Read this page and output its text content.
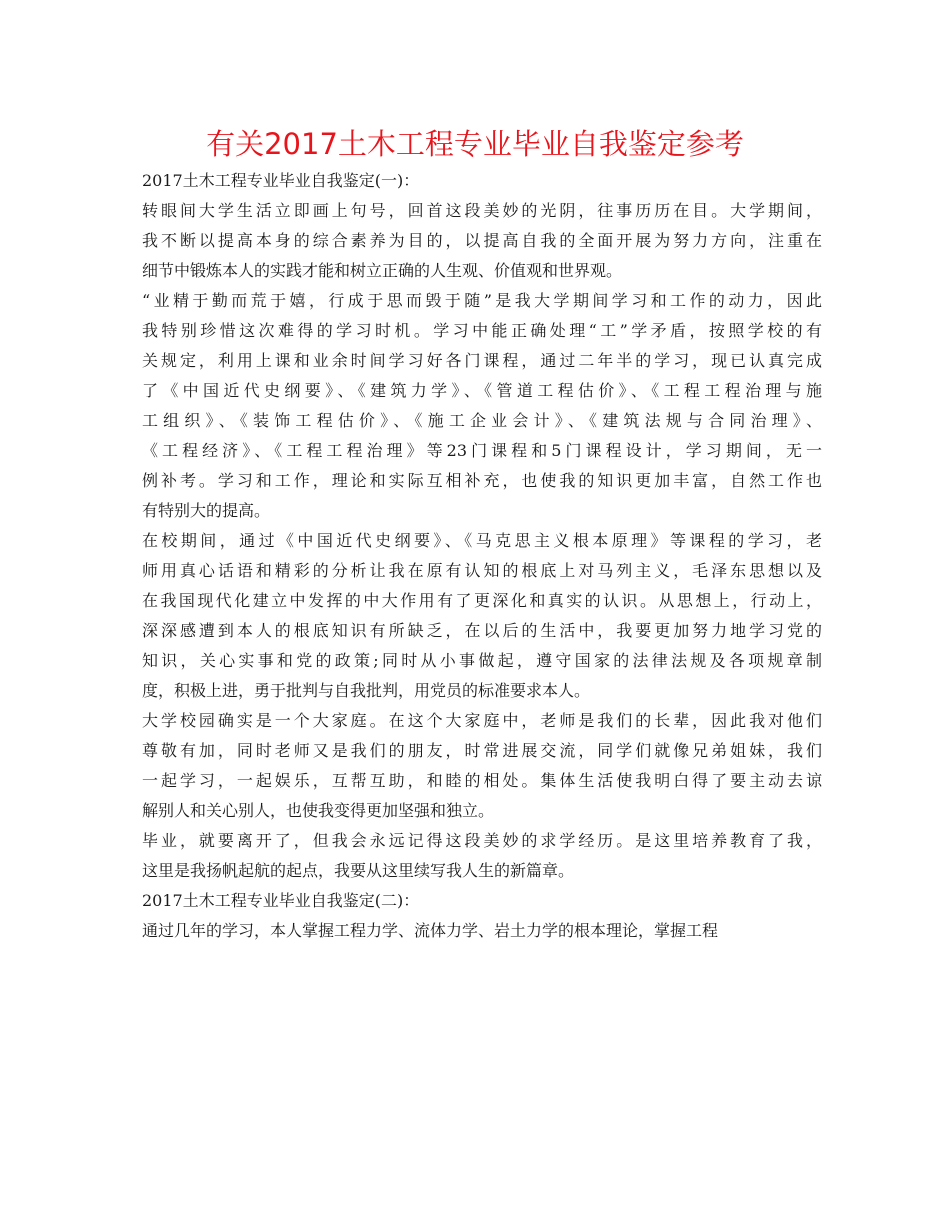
有关2017土木工程专业毕业自我鉴定参考
2017土木工程专业毕业自我鉴定(一)：
转眼间大学生活立即画上句号，回首这段美妙的光阴，往事历历在目。大学期间，
我不断以提高本身的综合素养为目的，以提高自我的全面开展为努力方向，注重在
细节中锻炼本人的实践才能和树立正确的人生观、价值观和世界观。
“业精于勤而荒于嬉，行成于思而毁于随”是我大学期间学习和工作的动力，因此
我特别珍惜这次难得的学习时机。学习中能正确处理“工”学矛盾，按照学校的有
关规定，利用上课和业余时间学习好各门课程，通过二年半的学习，现已认真完成
了《中国近代史纲要》、《建筑力学》、《管道工程估价》、《工程工程治理与施
工组织》、《装饰工程估价》、《施工企业会计》、《建筑法规与合同治理》、
《工程经济》、《工程工程治理》等23门课程和5门课程设计，学习期间，无一
例补考。学习和工作，理论和实际互相补充，也使我的知识更加丰富，自然工作也
有特别大的提高。
在校期间，通过《中国近代史纲要》、《马克思主义根本原理》等课程的学习，老
师用真心话语和精彩的分析让我在原有认知的根底上对马列主义，毛泽东思想以及
在我国现代化建立中发挥的中大作用有了更深化和真实的认识。从思想上，行动上，
深深感遭到本人的根底知识有所缺乏，在以后的生活中，我要更加努力地学习党的
知识，关心实事和党的政策;同时从小事做起，遵守国家的法律法规及各项规章制
度，积极上进，勇于批判与自我批判，用党员的标准要求本人。
大学校园确实是一个大家庭。在这个大家庭中，老师是我们的长辈，因此我对他们
尊敬有加，同时老师又是我们的朋友，时常进展交流，同学们就像兄弟姐妹，我们
一起学习，一起娱乐，互帮互助，和睦的相处。集体生活使我明白得了要主动去谅
解别人和关心别人，也使我变得更加坚强和独立。
毕业，就要离开了，但我会永远记得这段美妙的求学经历。是这里培养教育了我，
这里是我扬帆起航的起点，我要从这里续写我人生的新篇章。
2017土木工程专业毕业自我鉴定(二)：
通过几年的学习，本人掌握工程力学、流体力学、岩土力学的根本理论，掌握工程
